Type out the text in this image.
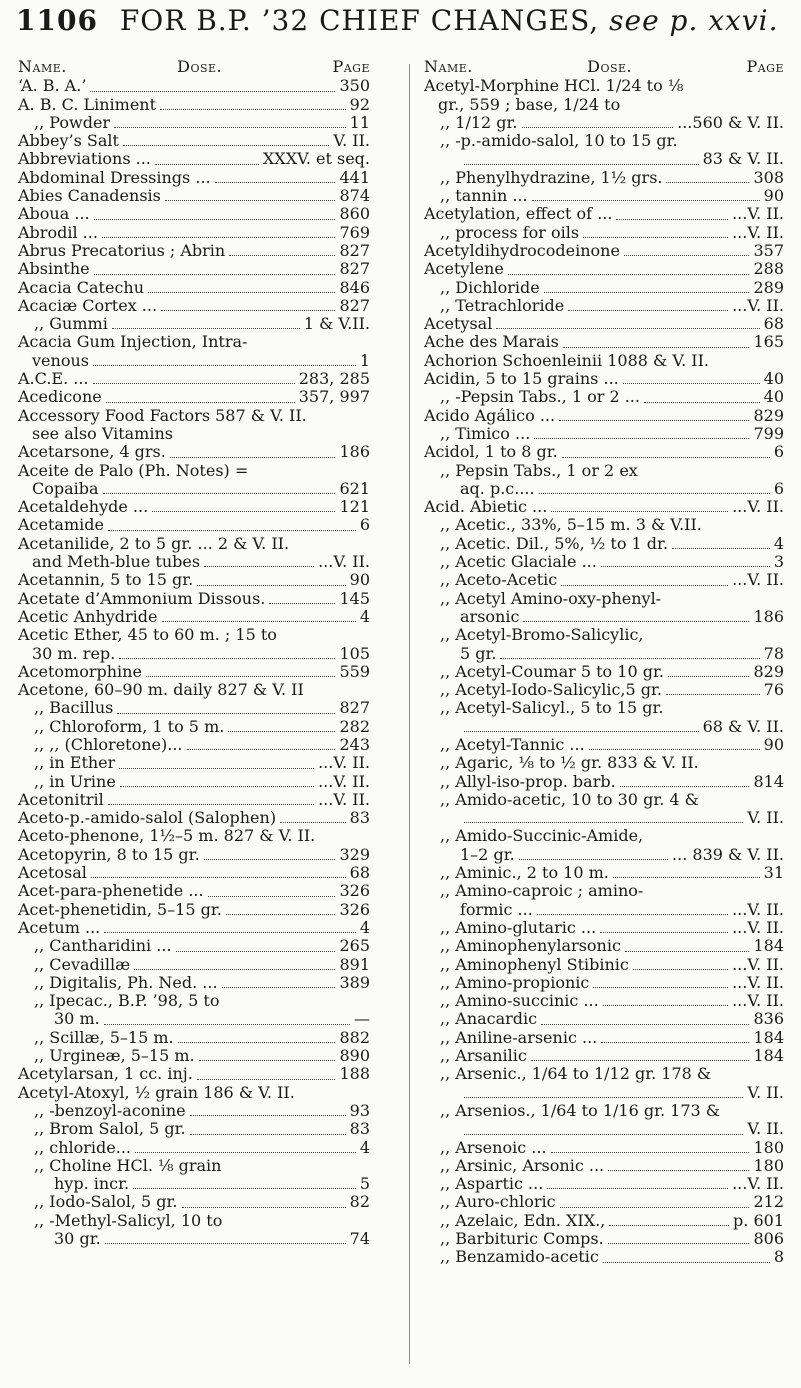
1106 FOR B.P. ’32 CHIEF CHANGES, see p. xxvi.
Name.	Dose.	Page
‘A. B. A.’	350
A. B. C. Liniment	92
,, Powder	11
Abbey’s Salt	V. II.
Abbreviations ...	XXXV. et seq.
Abdominal Dressings ...	441
Abies Canadensis	874
Aboua ...	860
Abrodil ...	769
Abrus Precatorius ; Abrin	827
Absinthe	827
Acacia Catechu	846
Acaciæ Cortex ...	827
,, Gummi	1 & V.II.
Acacia Gum Injection, Intra-
venous	1
A.C.E. ...	283, 285
Acedicone	357, 997
Accessory Food Factors 587 & V. II.
see also Vitamins
Acetarsone, 4 grs.	186
Aceite de Palo (Ph. Notes) =
Copaiba	621
Acetaldehyde ...	121
Acetamide	6
Acetanilide, 2 to 5 gr. ... 2 & V. II.
and Meth-blue tubes	...V. II.
Acetannin, 5 to 15 gr.	90
Acetate d’Ammonium Dissous.	145
Acetic Anhydride	4
Acetic Ether, 45 to 60 m. ; 15 to
30 m. rep.	105
Acetomorphine	559
Acetone, 60–90 m. daily 827 & V. II
,, Bacillus	827
,, Chloroform, 1 to 5 m.	282
,, ,, (Chloretone)...	243
,, in Ether	...V. II.
,, in Urine	...V. II.
Acetonitril	...V. II.
Aceto-p.-amido-salol (Salophen)	83
Aceto-phenone, 1½–5 m. 827 & V. II.
Acetopyrin, 8 to 15 gr.	329
Acetosal	68
Acet-para-phenetide ...	326
Acet-phenetidin, 5–15 gr.	326
Acetum ...	4
,, Cantharidini ...	265
,, Cevadillæ	891
,, Digitalis, Ph. Ned. ...	389
,, Ipecac., B.P. ’98, 5 to
30 m.	—
,, Scillæ, 5–15 m.	882
,, Urgineæ, 5–15 m.	890
Acetylarsan, 1 cc. inj.	188
Acetyl-Atoxyl, ½ grain 186 & V. II.
,, -benzoyl-aconine	93
,, Brom Salol, 5 gr.	83
,, chloride...	4
,, Choline HCl. ⅛ grain
hyp. incr.	5
,, Iodo-Salol, 5 gr.	82
,, -Methyl-Salicyl, 10 to
30 gr.	74
Name.	Dose.	Page
Acetyl-Morphine HCl. 1/24 to ⅛
gr., 559 ; base, 1/24 to
,, 1/12 gr.	...560 & V. II.
,, -p.-amido-salol, 10 to 15 gr.
83 & V. II.
,, Phenylhydrazine, 1½ grs.	308
,, tannin ...	90
Acetylation, effect of ...	...V. II.
,, process for oils	...V. II.
Acetyldihydrocodeinone	357
Acetylene	288
,, Dichloride	289
,, Tetrachloride	...V. II.
Acetysal	68
Ache des Marais	165
Achorion Schoenleinii 1088 & V. II.
Acidin, 5 to 15 grains ...	40
,, -Pepsin Tabs., 1 or 2 ...	40
Acido Agálico ...	829
,, Timico ...	799
Acidol, 1 to 8 gr.	6
,, Pepsin Tabs., 1 or 2 ex
aq. p.c....	6
Acid. Abietic ...	...V. II.
,, Acetic., 33%, 5–15 m. 3 & V.II.
,, Acetic. Dil., 5%, ½ to 1 dr.	4
,, Acetic Glaciale ...	3
,, Aceto-Acetic	...V. II.
,, Acetyl Amino-oxy-phenyl-
arsonic	186
,, Acetyl-Bromo-Salicylic,
5 gr.	78
,, Acetyl-Coumar 5 to 10 gr.	829
,, Acetyl-Iodo-Salicylic,5 gr.	76
,, Acetyl-Salicyl., 5 to 15 gr.
68 & V. II.
,, Acetyl-Tannic ...	90
,, Agaric, ⅛ to ½ gr. 833 & V. II.
,, Allyl-iso-prop. barb.	814
,, Amido-acetic, 10 to 30 gr. 4 &
V. II.
,, Amido-Succinic-Amide,
1–2 gr.	... 839 & V. II.
,, Aminic., 2 to 10 m.	31
,, Amino-caproic ; amino-
formic ...	...V. II.
,, Amino-glutaric ...	...V. II.
,, Aminophenylarsonic	184
,, Aminophenyl Stibinic	...V. II.
,, Amino-propionic	...V. II.
,, Amino-succinic ...	...V. II.
,, Anacardic	836
,, Aniline-arsenic ...	184
,, Arsanilic	184
,, Arsenic., 1/64 to 1/12 gr. 178 &
V. II.
,, Arsenios., 1/64 to 1/16 gr. 173 &
V. II.
,, Arsenoic ...	180
,, Arsinic, Arsonic ...	180
,, Aspartic ...	...V. II.
,, Auro-chloric	212
,, Azelaic, Edn. XIX.,	p. 601
,, Barbituric Comps.	806
,, Benzamido-acetic	8
